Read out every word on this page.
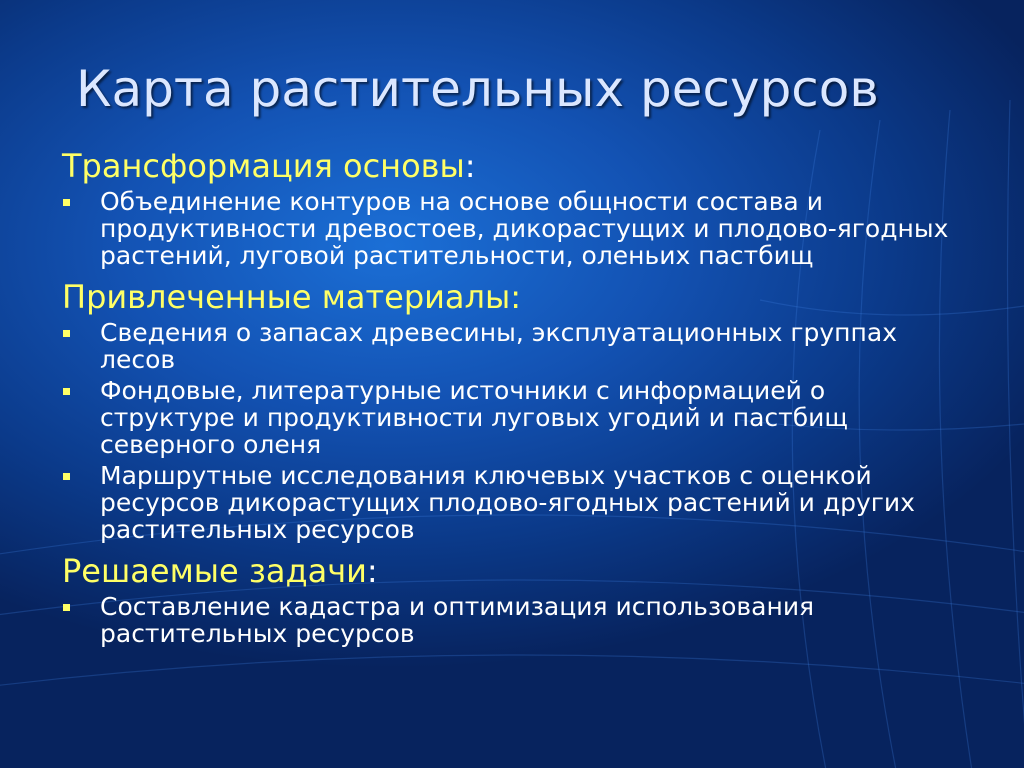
Карта растительных ресурсов

Трансформация основы:

Объединение контуров на основе общности состава и продуктивности древостоев, дикорастущих и плодово-ягодных растений, луговой растительности, оленьих пастбищ

Привлеченные материалы:

Сведения о запасах древесины, эксплуатационных группах лесов
Фондовые, литературные источники с информацией о структуре и продуктивности луговых угодий и пастбищ северного оленя
Маршрутные исследования ключевых участков с оценкой ресурсов дикорастущих плодово-ягодных растений и других растительных ресурсов

Решаемые задачи:

Составление кадастра и оптимизация использования растительных ресурсов
